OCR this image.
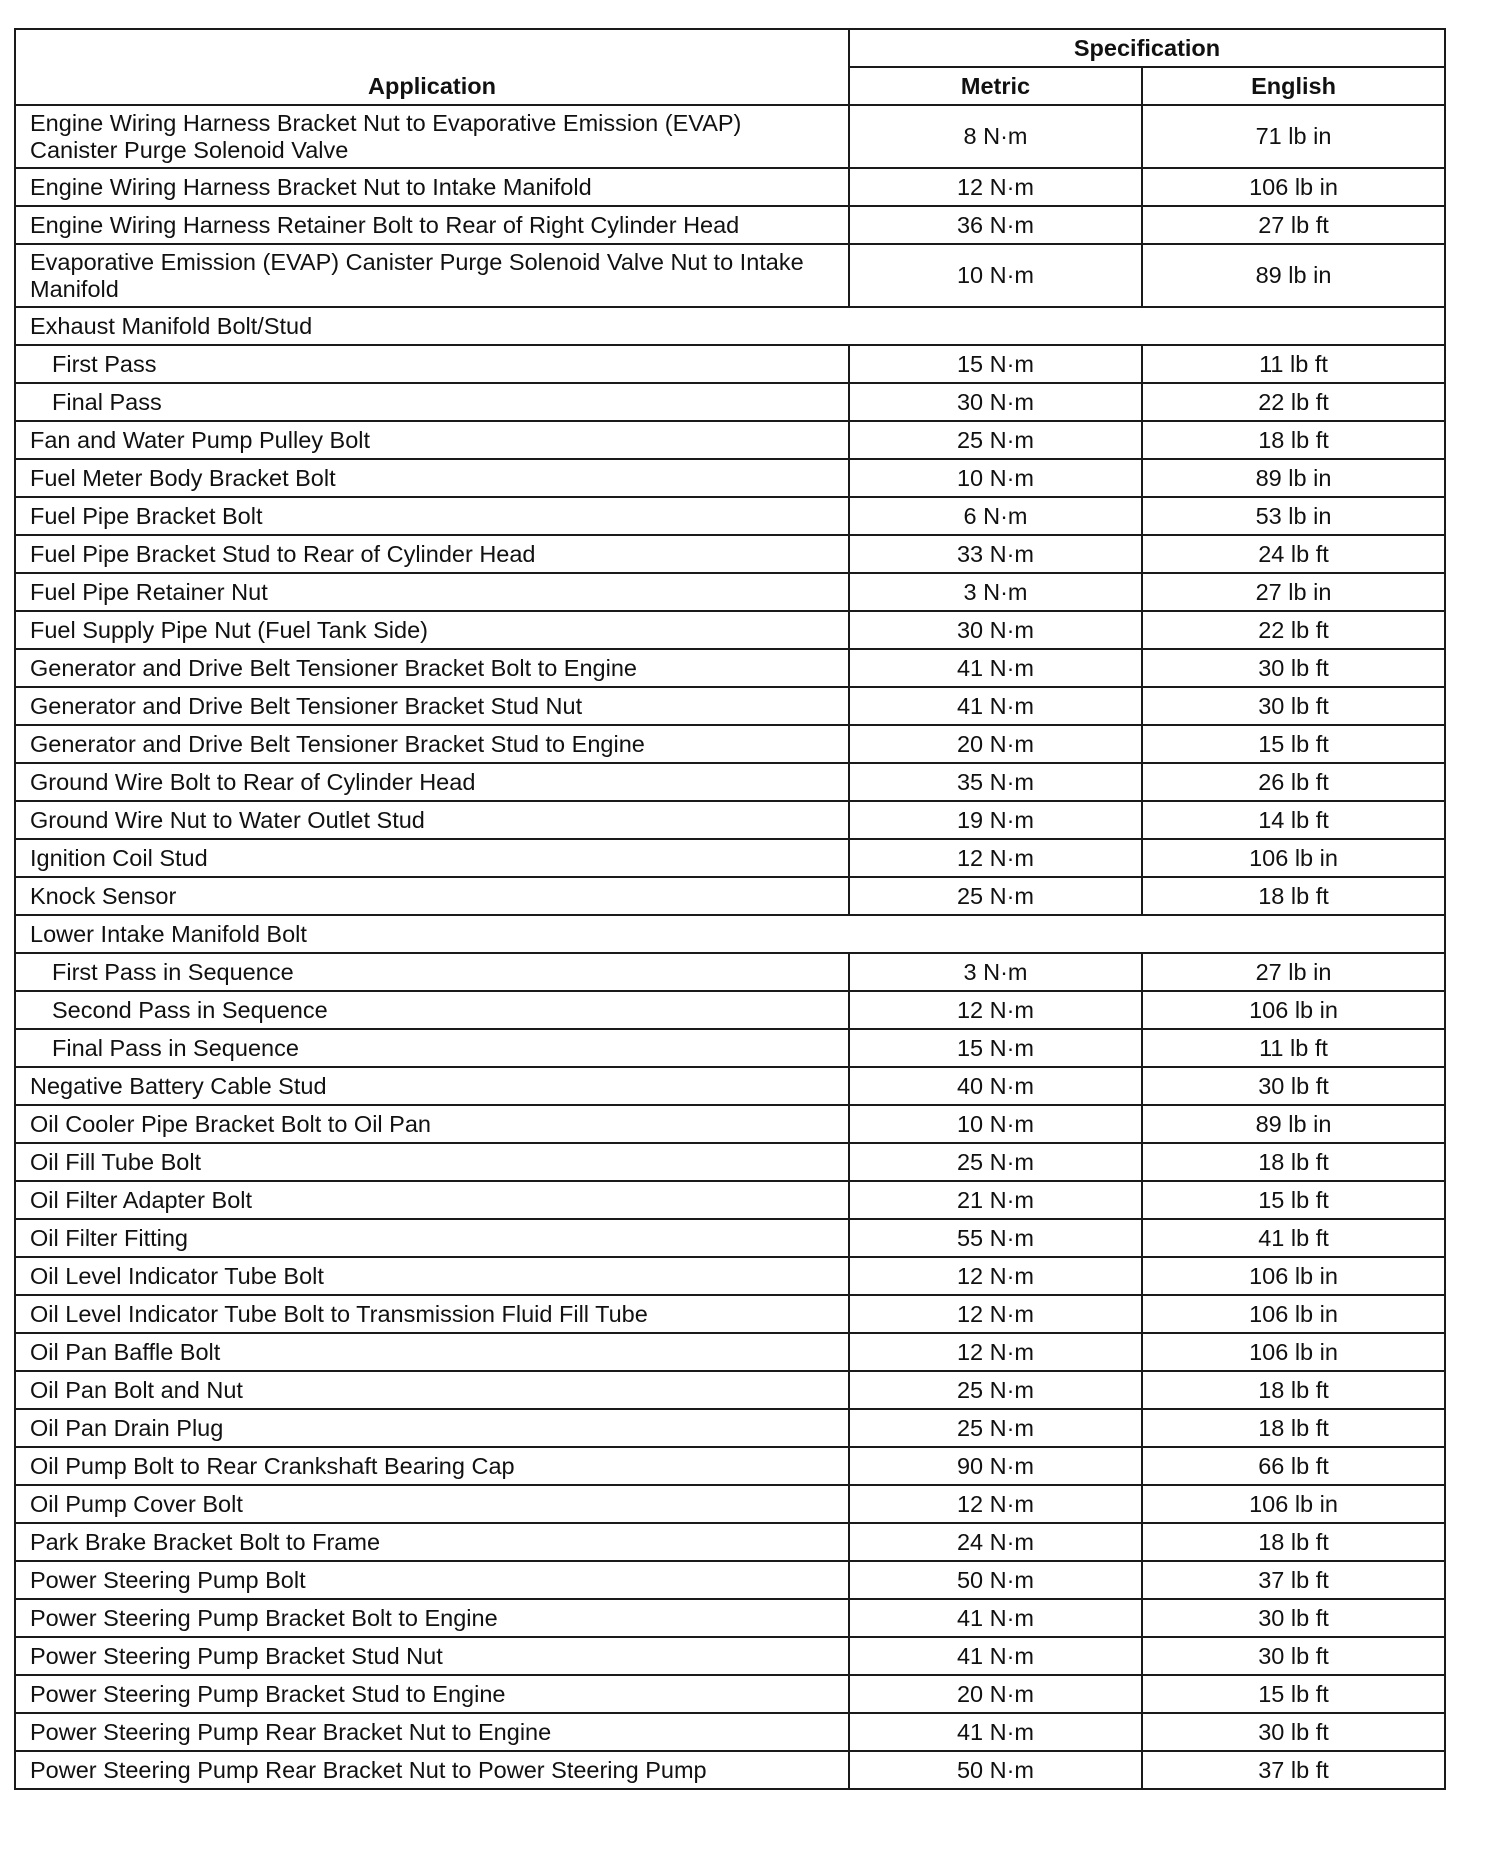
Application	Specification	
	Metric	English
Engine Wiring Harness Bracket Nut to Evaporative Emission (EVAP) Canister Purge Solenoid Valve	8 N·m	71 lb in
Engine Wiring Harness Bracket Nut to Intake Manifold	12 N·m	106 lb in
Engine Wiring Harness Retainer Bolt to Rear of Right Cylinder Head	36 N·m	27 lb ft
Evaporative Emission (EVAP) Canister Purge Solenoid Valve Nut to Intake Manifold	10 N·m	89 lb in
Exhaust Manifold Bolt/Stud		
First Pass	15 N·m	11 lb ft
Final Pass	30 N·m	22 lb ft
Fan and Water Pump Pulley Bolt	25 N·m	18 lb ft
Fuel Meter Body Bracket Bolt	10 N·m	89 lb in
Fuel Pipe Bracket Bolt	6 N·m	53 lb in
Fuel Pipe Bracket Stud to Rear of Cylinder Head	33 N·m	24 lb ft
Fuel Pipe Retainer Nut	3 N·m	27 lb in
Fuel Supply Pipe Nut (Fuel Tank Side)	30 N·m	22 lb ft
Generator and Drive Belt Tensioner Bracket Bolt to Engine	41 N·m	30 lb ft
Generator and Drive Belt Tensioner Bracket Stud Nut	41 N·m	30 lb ft
Generator and Drive Belt Tensioner Bracket Stud to Engine	20 N·m	15 lb ft
Ground Wire Bolt to Rear of Cylinder Head	35 N·m	26 lb ft
Ground Wire Nut to Water Outlet Stud	19 N·m	14 lb ft
Ignition Coil Stud	12 N·m	106 lb in
Knock Sensor	25 N·m	18 lb ft
Lower Intake Manifold Bolt		
First Pass in Sequence	3 N·m	27 lb in
Second Pass in Sequence	12 N·m	106 lb in
Final Pass in Sequence	15 N·m	11 lb ft
Negative Battery Cable Stud	40 N·m	30 lb ft
Oil Cooler Pipe Bracket Bolt to Oil Pan	10 N·m	89 lb in
Oil Fill Tube Bolt	25 N·m	18 lb ft
Oil Filter Adapter Bolt	21 N·m	15 lb ft
Oil Filter Fitting	55 N·m	41 lb ft
Oil Level Indicator Tube Bolt	12 N·m	106 lb in
Oil Level Indicator Tube Bolt to Transmission Fluid Fill Tube	12 N·m	106 lb in
Oil Pan Baffle Bolt	12 N·m	106 lb in
Oil Pan Bolt and Nut	25 N·m	18 lb ft
Oil Pan Drain Plug	25 N·m	18 lb ft
Oil Pump Bolt to Rear Crankshaft Bearing Cap	90 N·m	66 lb ft
Oil Pump Cover Bolt	12 N·m	106 lb in
Park Brake Bracket Bolt to Frame	24 N·m	18 lb ft
Power Steering Pump Bolt	50 N·m	37 lb ft
Power Steering Pump Bracket Bolt to Engine	41 N·m	30 lb ft
Power Steering Pump Bracket Stud Nut	41 N·m	30 lb ft
Power Steering Pump Bracket Stud to Engine	20 N·m	15 lb ft
Power Steering Pump Rear Bracket Nut to Engine	41 N·m	30 lb ft
Power Steering Pump Rear Bracket Nut to Power Steering Pump	50 N·m	37 lb ft
